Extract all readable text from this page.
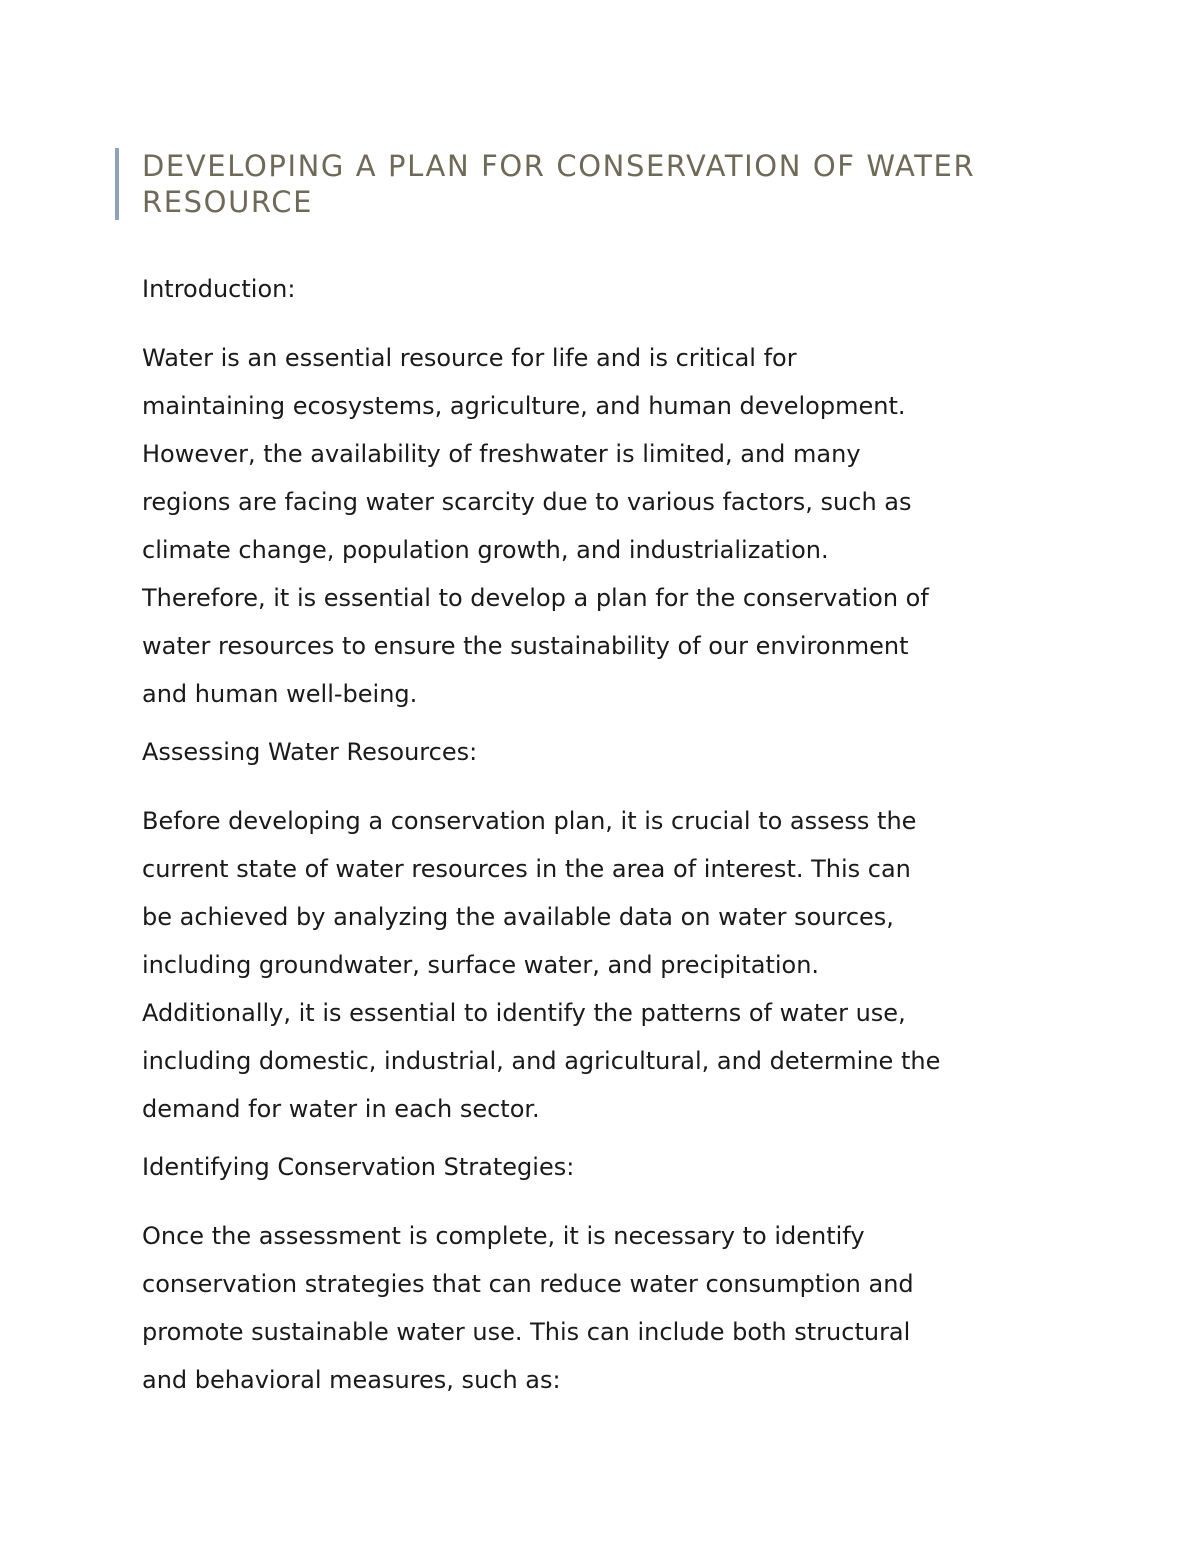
DEVELOPING A PLAN FOR CONSERVATION OF WATER
RESOURCE
Introduction:
Water is an essential resource for life and is critical for
maintaining ecosystems, agriculture, and human development.
However, the availability of freshwater is limited, and many
regions are facing water scarcity due to various factors, such as
climate change, population growth, and industrialization.
Therefore, it is essential to develop a plan for the conservation of
water resources to ensure the sustainability of our environment
and human well-being.
Assessing Water Resources:
Before developing a conservation plan, it is crucial to assess the
current state of water resources in the area of interest. This can
be achieved by analyzing the available data on water sources,
including groundwater, surface water, and precipitation.
Additionally, it is essential to identify the patterns of water use,
including domestic, industrial, and agricultural, and determine the
demand for water in each sector.
Identifying Conservation Strategies:
Once the assessment is complete, it is necessary to identify
conservation strategies that can reduce water consumption and
promote sustainable water use. This can include both structural
and behavioral measures, such as:
